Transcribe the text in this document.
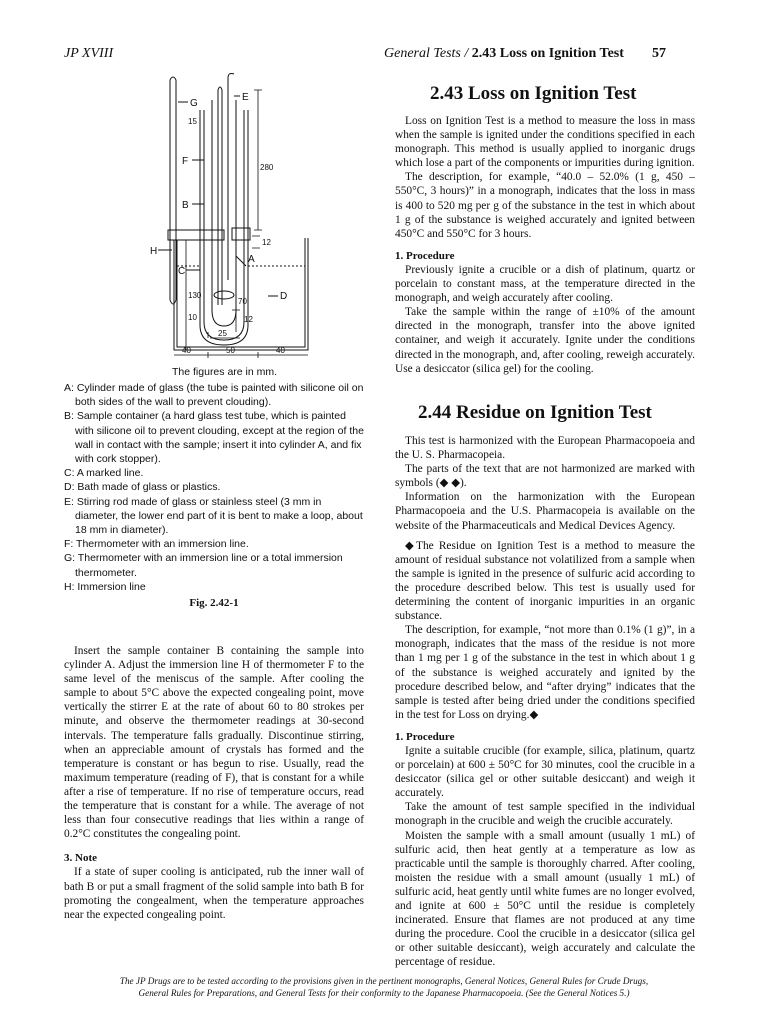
JP XVIII	General Tests / 2.43 Loss on Ignition Test 57
G
E
F
B
H
C
A
D
15
12
280
130
70
10	12
25
40	50	40
The figures are in mm.
A: Cylinder made of glass (the tube is painted with silicone oil on both sides of the wall to prevent clouding).
B: Sample container (a hard glass test tube, which is painted with silicone oil to prevent clouding, except at the region of the wall in contact with the sample; insert it into cylinder A, and fix with cork stopper).
C: A marked line.
D: Bath made of glass or plastics.
E: Stirring rod made of glass or stainless steel (3 mm in diameter, the lower end part of it is bent to make a loop, about 18 mm in diameter).
F: Thermometer with an immersion line.
G: Thermometer with an immersion line or a total immersion thermometer.
H: Immersion line
Fig. 2.42-1

Insert the sample container B containing the sample into cylinder A. Adjust the immersion line H of thermometer F to the same level of the meniscus of the sample. After cooling the sample to about 5°C above the expected congealing point, move vertically the stirrer E at the rate of about 60 to 80 strokes per minute, and observe the thermometer readings at 30-second intervals. The temperature falls gradually. Discontinue stirring, when an appreciable amount of crystals has formed and the temperature is constant or has begun to rise. Usually, read the maximum temperature (reading of F), that is constant for a while after a rise of temperature. If no rise of temperature occurs, read the temperature that is constant for a while. The average of not less than four consecutive readings that lies within a range of 0.2°C constitutes the congealing point.

3. Note

If a state of super cooling is anticipated, rub the inner wall of bath B or put a small fragment of the solid sample into bath B for promoting the congealment, when the temperature approaches near the expected congealing point.

2.43 Loss on Ignition Test

Loss on Ignition Test is a method to measure the loss in mass when the sample is ignited under the conditions specified in each monograph. This method is usually applied to inorganic drugs which lose a part of the components or impurities during ignition.

The description, for example, “40.0 – 52.0% (1 g, 450 – 550°C, 3 hours)” in a monograph, indicates that the loss in mass is 400 to 520 mg per g of the substance in the test in which about 1 g of the substance is weighed accurately and ignited between 450°C and 550°C for 3 hours.

1. Procedure

Previously ignite a crucible or a dish of platinum, quartz or porcelain to constant mass, at the temperature directed in the monograph, and weigh accurately after cooling.

Take the sample within the range of ±10% of the amount directed in the monograph, transfer into the above ignited container, and weigh it accurately. Ignite under the conditions directed in the monograph, and, after cooling, reweigh accurately. Use a desiccator (silica gel) for the cooling.

2.44 Residue on Ignition Test

This test is harmonized with the European Pharmacopoeia and the U. S. Pharmacopeia.

The parts of the text that are not harmonized are marked with symbols (◆ ◆).

Information on the harmonization with the European Pharmacopoeia and the U.S. Pharmacopeia is available on the website of the Pharmaceuticals and Medical Devices Agency.

◆The Residue on Ignition Test is a method to measure the amount of residual substance not volatilized from a sample when the sample is ignited in the presence of sulfuric acid according to the procedure described below. This test is usually used for determining the content of inorganic impurities in an organic substance.

The description, for example, “not more than 0.1% (1 g)”, in a monograph, indicates that the mass of the residue is not more than 1 mg per 1 g of the substance in the test in which about 1 g of the substance is weighed accurately and ignited by the procedure described below, and “after drying” indicates that the sample is tested after being dried under the conditions specified in the test for Loss on drying.◆

1. Procedure

Ignite a suitable crucible (for example, silica, platinum, quartz or porcelain) at 600 ± 50°C for 30 minutes, cool the crucible in a desiccator (silica gel or other suitable desiccant) and weigh it accurately.

Take the amount of test sample specified in the individual monograph in the crucible and weigh the crucible accurately.

Moisten the sample with a small amount (usually 1 mL) of sulfuric acid, then heat gently at a temperature as low as practicable until the sample is thoroughly charred. After cooling, moisten the residue with a small amount (usually 1 mL) of sulfuric acid, heat gently until white fumes are no longer evolved, and ignite at 600 ± 50°C until the residue is completely incinerated. Ensure that flames are not produced at any time during the procedure. Cool the crucible in a desiccator (silica gel or other suitable desiccant), weigh accurately and calculate the percentage of residue.

The JP Drugs are to be tested according to the provisions given in the pertinent monographs, General Notices, General Rules for Crude Drugs,
General Rules for Preparations, and General Tests for their conformity to the Japanese Pharmacopoeia. (See the General Notices 5.)
